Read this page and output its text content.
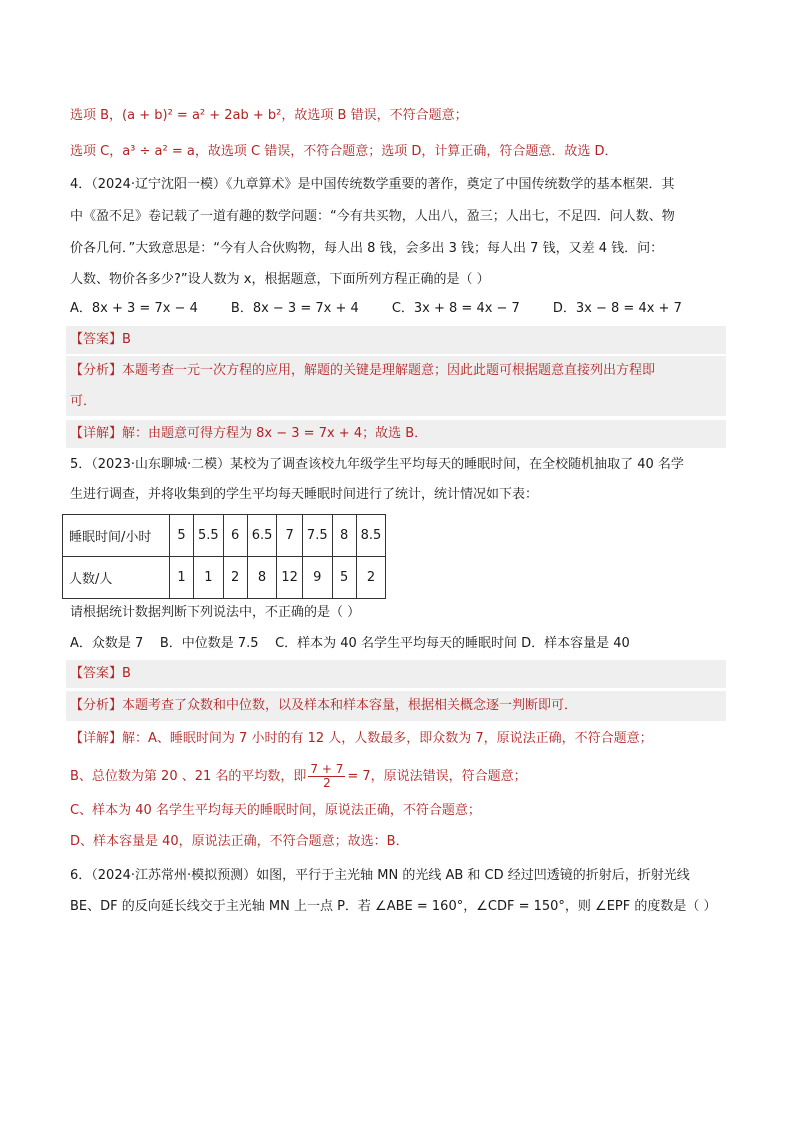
选项 B，(a + b)² = a² + 2ab + b²，故选项 B 错误，不符合题意；
选项 C，a³ ÷ a² = a，故选项 C 错误，不符合题意；选项 D，计算正确，符合题意．故选 D．
4．（2024·辽宁沈阳一模）《九章算术》是中国传统数学重要的著作，奠定了中国传统数学的基本框架．其
中《盈不足》卷记载了一道有趣的数学问题：“今有共买物，人出八，盈三；人出七，不足四．问人数、物
价各几何．”大致意思是：“今有人合伙购物，每人出 8 钱，会多出 3 钱；每人出 7 钱，又差 4 钱．问：
人数、物价各多少?”设人数为 x，根据题意，下面所列方程正确的是（ ）
A．8x + 3 = 7x − 4        B．8x − 3 = 7x + 4        C．3x + 8 = 4x − 7        D．3x − 8 = 4x + 7
【答案】B
【分析】本题考查一元一次方程的应用，解题的关键是理解题意；因此此题可根据题意直接列出方程即
可．
【详解】解：由题意可得方程为 8x − 3 = 7x + 4；故选 B．
5．（2023·山东聊城·二模）某校为了调查该校九年级学生平均每天的睡眠时间，在全校随机抽取了 40 名学
生进行调查，并将收集到的学生平均每天睡眠时间进行了统计，统计情况如下表：
睡眠时间/小时	5	5.5	6	6.5	7	7.5	8	8.5
人数/人	1	1	2	8	12	9	5	2
请根据统计数据判断下列说法中，不正确的是（ ）
A．众数是 7    B．中位数是 7.5    C．样本为 40 名学生平均每天的睡眠时间 D．样本容量是 40
【答案】B
【分析】本题考查了众数和中位数，以及样本和样本容量，根据相关概念逐一判断即可．
【详解】解：A、睡眠时间为 7 小时的有 12 人，人数最多，即众数为 7，原说法正确，不符合题意；
B、总位数为第 20 、21 名的平均数，即 $\frac{7 + 7}{2} = 7$，原说法错误，符合题意；
C、样本为 40 名学生平均每天的睡眠时间，原说法正确，不符合题意；
D、样本容量是 40，原说法正确，不符合题意；故选：B．
6．（2024·江苏常州·模拟预测）如图，平行于主光轴 MN 的光线 AB 和 CD 经过凹透镜的折射后，折射光线
BE、DF 的反向延长线交于主光轴 MN 上一点 P．若 ∠ABE = 160°，∠CDF = 150°，则 ∠EPF 的度数是（ ）
